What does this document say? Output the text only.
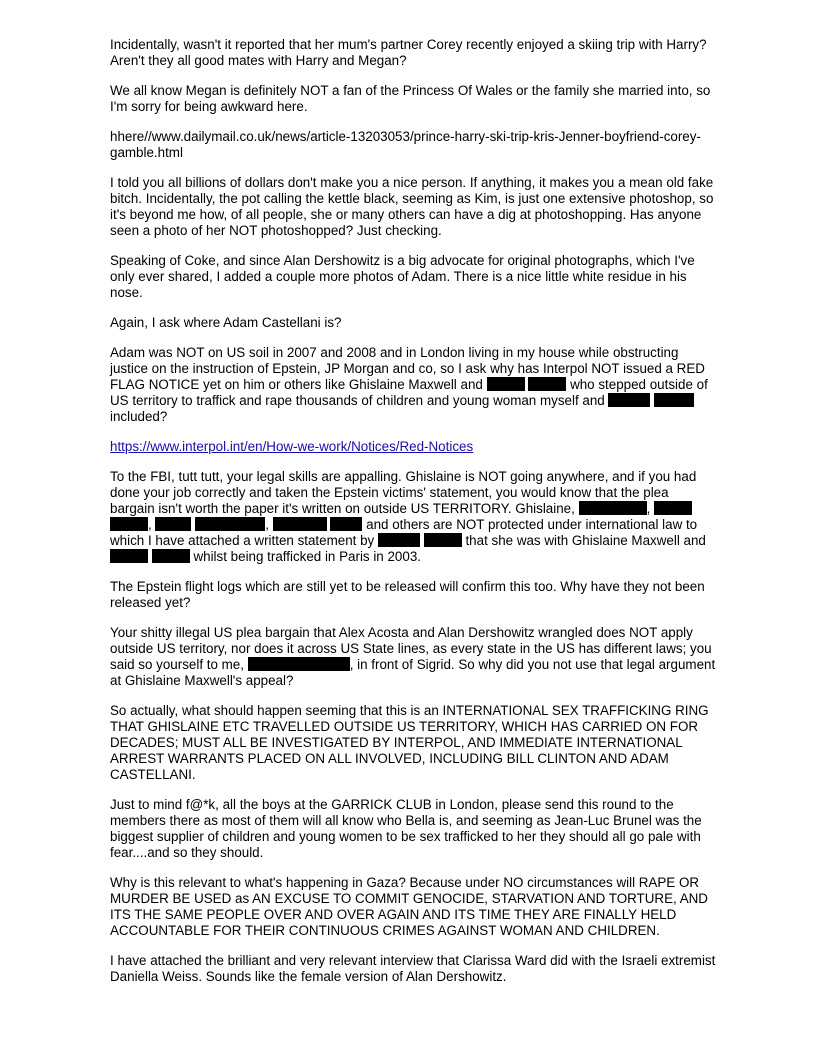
Incidentally, wasn't it reported that her mum's partner Corey recently enjoyed a skiing trip with Harry? Aren't they all good mates with Harry and Megan?

We all know Megan is definitely NOT a fan of the Princess Of Wales or the family she married into, so I'm sorry for being awkward here.

hhere//www.dailymail.co.uk/news/article-13203053/prince-harry-ski-trip-kris-Jenner-boyfriend-corey-gamble.html

I told you all billions of dollars don't make you a nice person. If anything, it makes you a mean old fake bitch. Incidentally, the pot calling the kettle black, seeming as Kim, is just one extensive photoshop, so it's beyond me how, of all people, she or many others can have a dig at photoshopping. Has anyone seen a photo of her NOT photoshopped? Just checking.

Speaking of Coke, and since Alan Dershowitz is a big advocate for original photographs, which I've only ever shared, I added a couple more photos of Adam. There is a nice little white residue in his nose.

Again, I ask where Adam Castellani is?

Adam was NOT on US soil in 2007 and 2008 and in London living in my house while obstructing justice on the instruction of Epstein, JP Morgan and co, so I ask why has Interpol NOT issued a RED FLAG NOTICE yet on him or others like Ghislaine Maxwell and	who stepped outside of US territory to traffick and rape thousands of children and young woman myself and   included?

https://www.interpol.int/en/How-we-work/Notices/Red-Notices

To the FBI, tutt tutt, your legal skills are appalling. Ghislaine is NOT going anywhere, and if you had done your job correctly and taken the Epstein victims' statement, you would know that the plea bargain isn't worth the paper it's written on outside US TERRITORY. Ghislaine,	,  ,	,	and others are NOT protected under international law to which I have attached a written statement by	that she was with Ghislaine Maxwell and   whilst being trafficked in Paris in 2003.

The Epstein flight logs which are still yet to be released will confirm this too. Why have they not been released yet?

Your shitty illegal US plea bargain that Alex Acosta and Alan Dershowitz wrangled does NOT apply outside US territory, nor does it across US State lines, as every state in the US has different laws; you said so yourself to me,	, in front of Sigrid. So why did you not use that legal argument at Ghislaine Maxwell's appeal?

So actually, what should happen seeming that this is an INTERNATIONAL SEX TRAFFICKING RING THAT GHISLAINE ETC TRAVELLED OUTSIDE US TERRITORY, WHICH HAS CARRIED ON FOR DECADES; MUST ALL BE INVESTIGATED BY INTERPOL, AND IMMEDIATE INTERNATIONAL ARREST WARRANTS PLACED ON ALL INVOLVED, INCLUDING BILL CLINTON AND ADAM CASTELLANI.

Just to mind f@*k, all the boys at the GARRICK CLUB in London, please send this round to the members there as most of them will all know who Bella is, and seeming as Jean-Luc Brunel was the biggest supplier of children and young women to be sex trafficked to her they should all go pale with fear....and so they should.

Why is this relevant to what's happening in Gaza? Because under NO circumstances will RAPE OR MURDER BE USED as AN EXCUSE TO COMMIT GENOCIDE, STARVATION AND TORTURE, AND ITS THE SAME PEOPLE OVER AND OVER AGAIN AND ITS TIME THEY ARE FINALLY HELD ACCOUNTABLE FOR THEIR CONTINUOUS CRIMES AGAINST WOMAN AND CHILDREN.

I have attached the brilliant and very relevant interview that Clarissa Ward did with the Israeli extremist Daniella Weiss. Sounds like the female version of Alan Dershowitz.
